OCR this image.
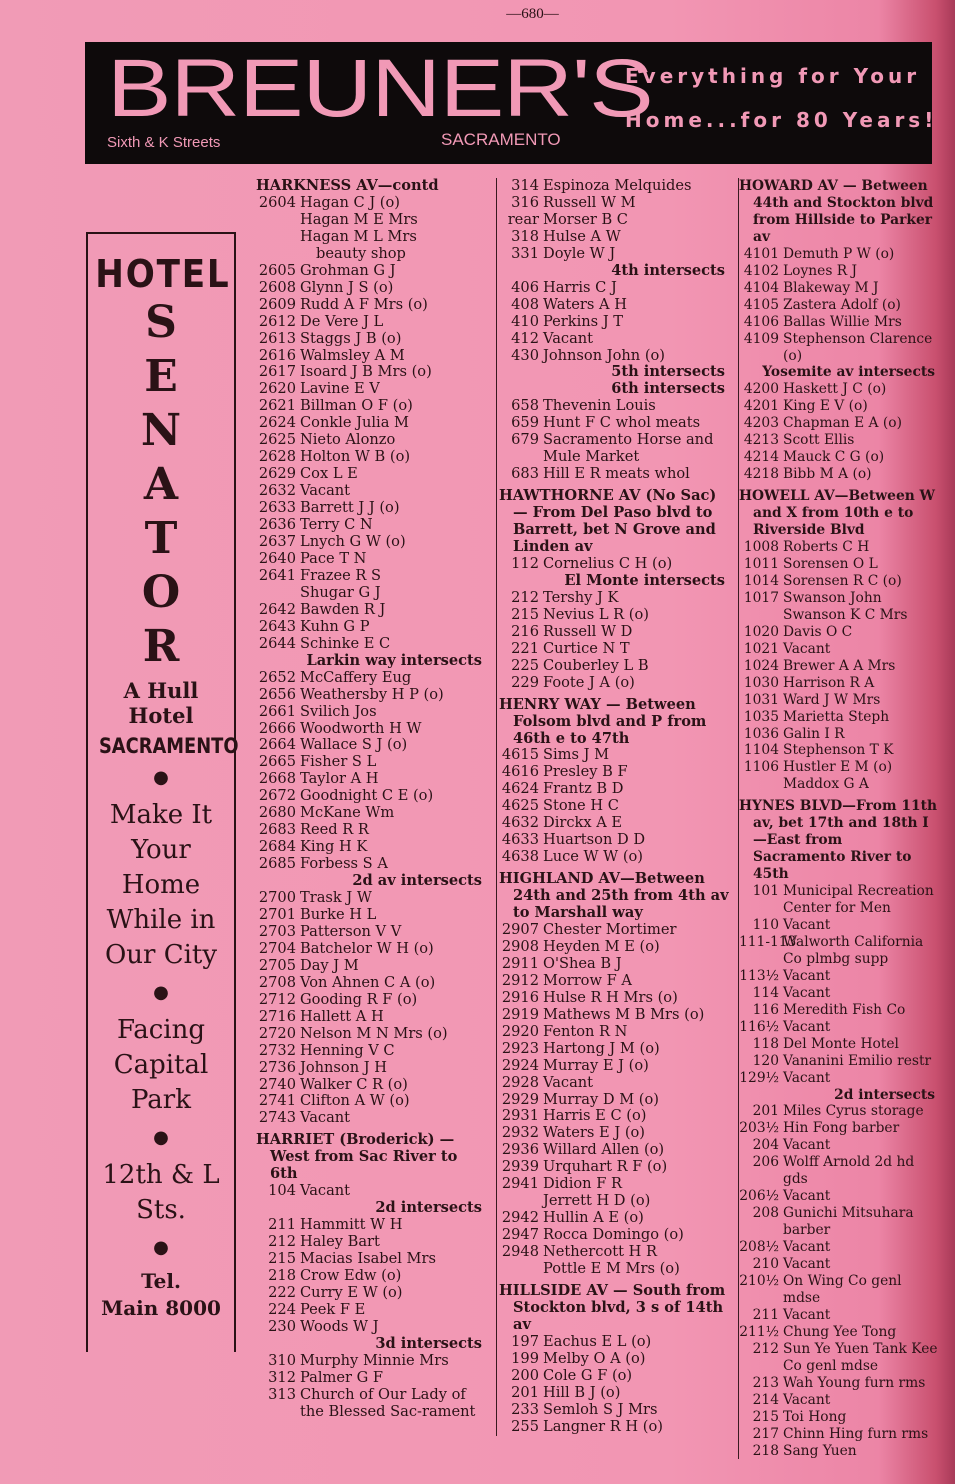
—680—
BREUNER'S
Sixth & K Streets	SACRAMENTO
Everything for Your
Home...for 80 Years!
HOTEL
S
E
N
A
T
O
R
A Hull
Hotel
SACRAMENTO
●
Make It
Your
Home
While in
Our City
●
Facing
Capital
Park
●
12th & L
Sts.
●
Tel.
Main 8000
HARKNESS AV—contd
2604 Hagan C J (o)
Hagan M E Mrs
Hagan M L Mrs
beauty shop
2605 Grohman G J
2608 Glynn J S (o)
2609 Rudd A F Mrs (o)
2612 De Vere J L
2613 Staggs J B (o)
2616 Walmsley A M
2617 Isoard J B Mrs (o)
2620 Lavine E V
2621 Billman O F (o)
2624 Conkle Julia M
2625 Nieto Alonzo
2628 Holton W B (o)
2629 Cox L E
2632 Vacant
2633 Barrett J J (o)
2636 Terry C N
2637 Lnych G W (o)
2640 Pace T N
2641 Frazee R S
Shugar G J
2642 Bawden R J
2643 Kuhn G P
2644 Schinke E C
Larkin way intersects
2652 McCaffery Eug
2656 Weathersby H P (o)
2661 Svilich Jos
2666 Woodworth H W
2664 Wallace S J (o)
2665 Fisher S L
2668 Taylor A H
2672 Goodnight C E (o)
2680 McKane Wm
2683 Reed R R
2684 King H K
2685 Forbess S A
2d av intersects
2700 Trask J W
2701 Burke H L
2703 Patterson V V
2704 Batchelor W H (o)
2705 Day J M
2708 Von Ahnen C A (o)
2712 Gooding R F (o)
2716 Hallett A H
2720 Nelson M N Mrs (o)
2732 Henning V C
2736 Johnson J H
2740 Walker C R (o)
2741 Clifton A W (o)
2743 Vacant
HARRIET (Broderick) — West from Sac River to 6th
104 Vacant
2d intersects
211 Hammitt W H
212 Haley Bart
215 Macias Isabel Mrs
218 Crow Edw (o)
222 Curry E W (o)
224 Peek F E
230 Woods W J
3d intersects
310 Murphy Minnie Mrs
312 Palmer G F
313 Church of Our Lady of the Blessed Sac-rament
314 Espinoza Melquides
316 Russell W M
rear Morser B C
318 Hulse A W
331 Doyle W J
4th intersects
406 Harris C J
408 Waters A H
410 Perkins J T
412 Vacant
430 Johnson John (o)
5th intersects
6th intersects
658 Thevenin Louis
659 Hunt F C whol meats
679 Sacramento Horse and Mule Market
683 Hill E R meats whol
HAWTHORNE AV (No Sac)— From Del Paso blvd to Barrett, bet N Grove and Linden av
112 Cornelius C H (o)
El Monte intersects
212 Tershy J K
215 Nevius L R (o)
216 Russell W D
221 Curtice N T
225 Couberley L B
229 Foote J A (o)
HENRY WAY — Between Folsom blvd and P from 46th e to 47th
4615 Sims J M
4616 Presley B F
4624 Frantz B D
4625 Stone H C
4632 Dirckx A E
4633 Huartson D D
4638 Luce W W (o)
HIGHLAND AV—Between 24th and 25th from 4th av to Marshall way
2907 Chester Mortimer
2908 Heyden M E (o)
2911 O'Shea B J
2912 Morrow F A
2916 Hulse R H Mrs (o)
2919 Mathews M B Mrs (o)
2920 Fenton R N
2923 Hartong J M (o)
2924 Murray E J (o)
2928 Vacant
2929 Murray D M (o)
2931 Harris E C (o)
2932 Waters E J (o)
2936 Willard Allen (o)
2939 Urquhart R F (o)
2941 Didion F R
Jerrett H D (o)
2942 Hullin A E (o)
2947 Rocca Domingo (o)
2948 Nethercott H R
Pottle E M Mrs (o)
HILLSIDE AV — South from Stockton blvd, 3 s of 14th av
197 Eachus E L (o)
199 Melby O A (o)
200 Cole G F (o)
201 Hill B J (o)
233 Semloh S J Mrs
255 Langner R H (o)
HOWARD AV — Between 44th and Stockton blvd from Hillside to Parker av
4101 Demuth P W (o)
4102 Loynes R J
4104 Blakeway M J
4105 Zastera Adolf (o)
4106 Ballas Willie Mrs
4109 Stephenson Clarence (o)
Yosemite av intersects
4200 Haskett J C (o)
4201 King E V (o)
4203 Chapman E A (o)
4213 Scott Ellis
4214 Mauck C G (o)
4218 Bibb M A (o)
HOWELL AV—Between W and X from 10th e to Riverside Blvd
1008 Roberts C H
1011 Sorensen O L
1014 Sorensen R C (o)
1017 Swanson John
Swanson K C Mrs
1020 Davis O C
1021 Vacant
1024 Brewer A A Mrs
1030 Harrison R A
1031 Ward J W Mrs
1035 Marietta Steph
1036 Galin I R
1104 Stephenson T K
1106 Hustler E M (o)
Maddox G A
HYNES BLVD—From 11th av, bet 17th and 18th I—East from Sacramento River to 45th
101 Municipal Recreation Center for Men
110 Vacant
111-113
Walworth California Co plmbg supp
113½ Vacant
114 Vacant
116 Meredith Fish Co
116½ Vacant
118 Del Monte Hotel
120 Vananini Emilio restr
129½ Vacant
2d intersects
201 Miles Cyrus storage
203½ Hin Fong barber
204 Vacant
206 Wolff Arnold 2d hd gds
206½ Vacant
208 Gunichi Mitsuhara barber
208½ Vacant
210 Vacant
210½ On Wing Co genl mdse
211 Vacant
211½ Chung Yee Tong
212 Sun Ye Yuen Tank Kee Co genl mdse
213 Wah Young furn rms
214 Vacant
215 Toi Hong
217 Chinn Hing furn rms
218 Sang Yuen
